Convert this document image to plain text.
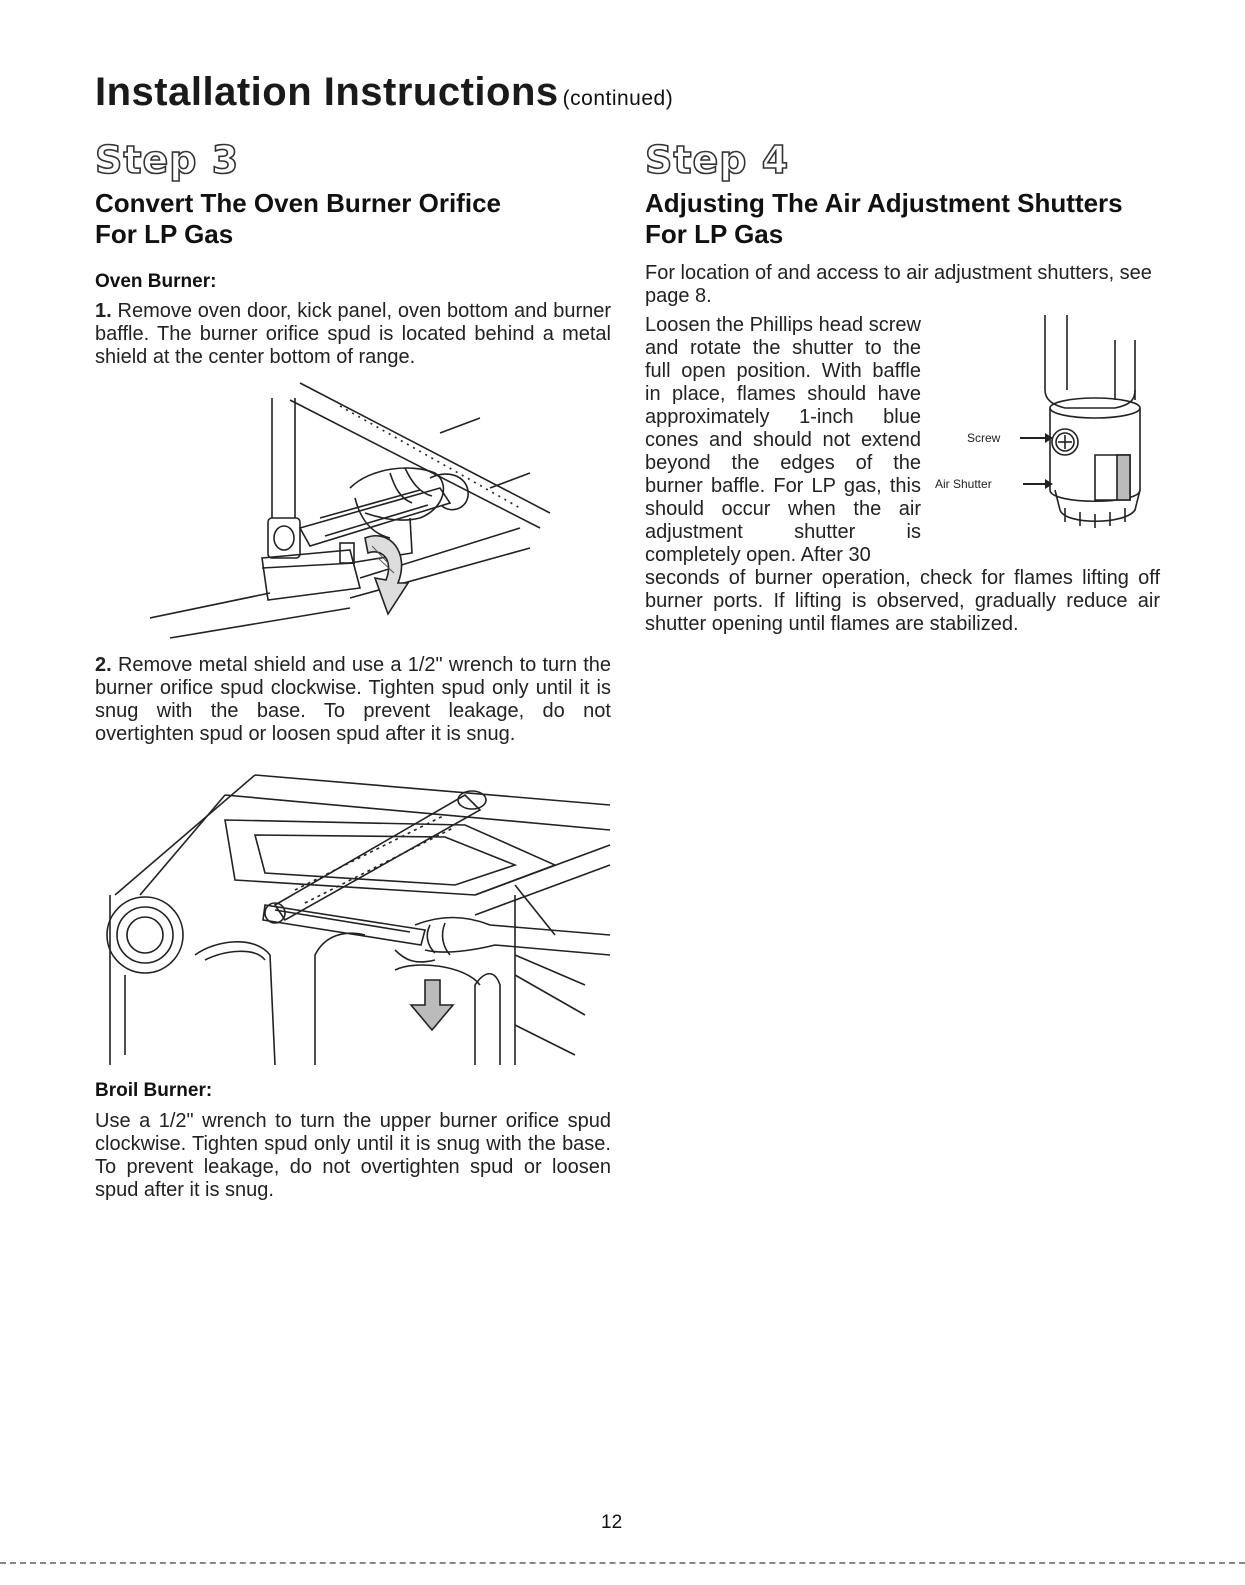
Installation Instructions (continued)
Step 3
Convert The Oven Burner Orifice
For LP Gas
Oven Burner:

1. Remove oven door, kick panel, oven bottom and burner baffle. The burner orifice spud is located behind a metal shield at the center bottom of range.

2. Remove metal shield and use a 1/2" wrench to turn the burner orifice spud clockwise. Tighten spud only until it is snug with the base. To prevent leakage, do not overtighten spud or loosen spud after it is snug.

Broil Burner:

Use a 1/2" wrench to turn the upper burner orifice spud clockwise. Tighten spud only until it is snug with the base. To prevent leakage, do not overtighten spud or loosen spud after it is snug.

Step 4
Adjusting The Air Adjustment Shutters
For LP Gas

For location of and access to air adjustment shutters, see page 8.

Loosen the Phillips head screw and rotate the shutter to the full open position. With baffle in place, flames should have approximately 1-inch blue cones and should not extend beyond the edges of the burner baffle. For LP gas, this should occur when the air adjustment shutter is completely open. After 30

seconds of burner operation, check for flames lifting off burner ports. If lifting is observed, gradually reduce air shutter opening until flames are stabilized.

Screw
Air Shutter
12
